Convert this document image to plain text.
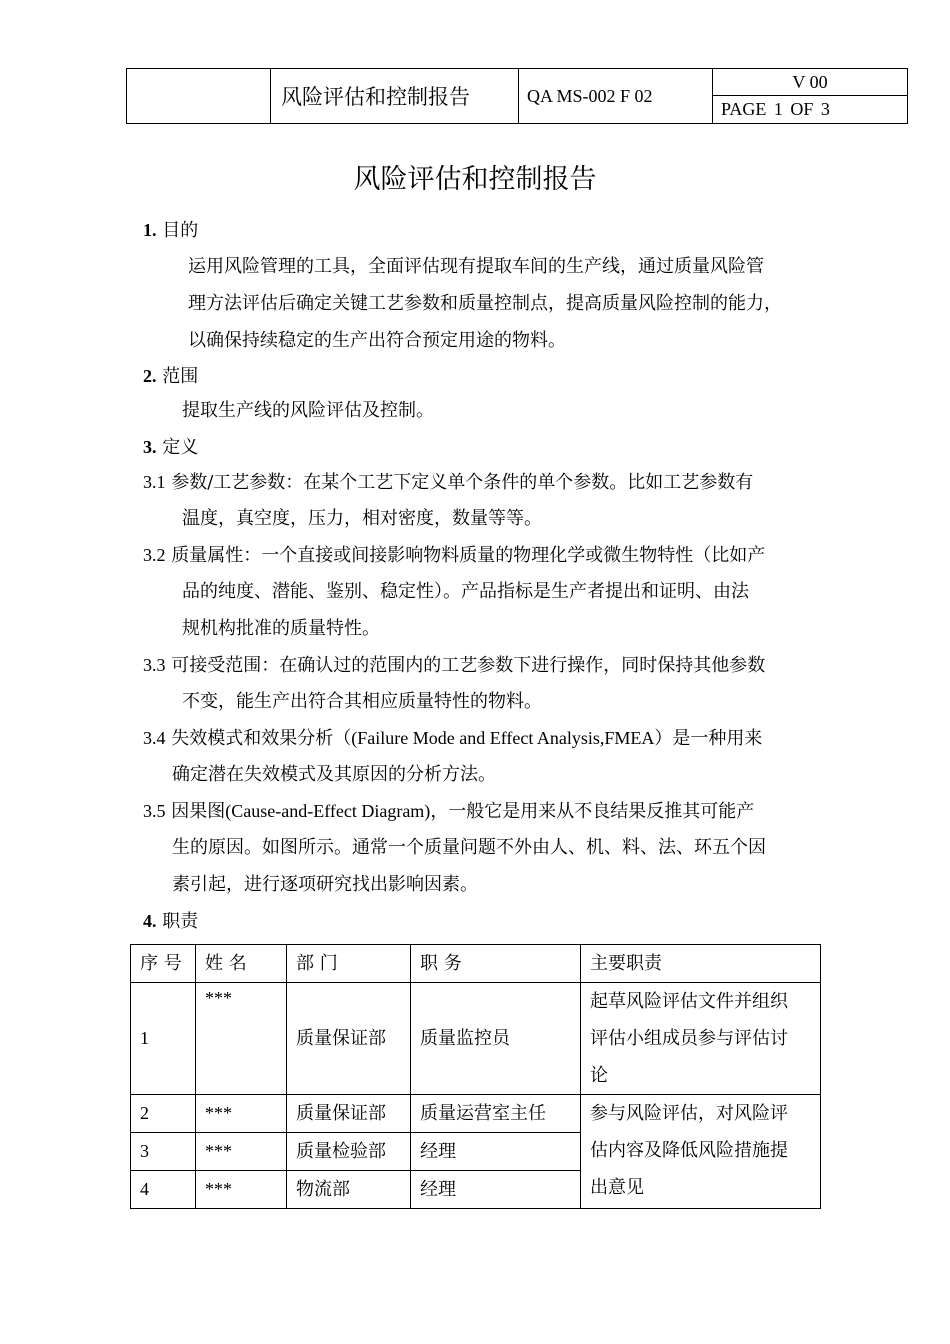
	风险评估和控制报告	QA MS-002 F 02	V 00
PAGE 1 OF 3
风险评估和控制报告
1. 目的
运用风险管理的工具，全面评估现有提取车间的生产线，通过质量风险管
理方法评估后确定关键工艺参数和质量控制点，提高质量风险控制的能力，
以确保持续稳定的生产出符合预定用途的物料。
2. 范围
提取生产线的风险评估及控制。
3. 定义
3.1 参数/工艺参数：在某个工艺下定义单个条件的单个参数。比如工艺参数有
温度，真空度，压力，相对密度，数量等等。
3.2 质量属性：一个直接或间接影响物料质量的物理化学或微生物特性（比如产
品的纯度、潜能、鉴别、稳定性）。产品指标是生产者提出和证明、由法
规机构批准的质量特性。
3.3 可接受范围：在确认过的范围内的工艺参数下进行操作，同时保持其他参数
不变，能生产出符合其相应质量特性的物料。
3.4 失效模式和效果分析（(Failure Mode and Effect Analysis,FMEA）是一种用来
确定潜在失效模式及其原因的分析方法。
3.5 因果图(Cause-and-Effect Diagram)，一般它是用来从不良结果反推其可能产
生的原因。如图所示。通常一个质量问题不外由人、机、料、法、环五个因
素引起，进行逐项研究找出影响因素。
4. 职责
序 号	姓 名	部 门	职 务	主要职责
1	***	质量保证部	质量监控员	起草风险评估文件并组织
评估小组成员参与评估讨
论

2	***	质量保证部	质量运营室主任	参与风险评估，对风险评
估内容及降低风险措施提
出意见

3	***	质量检验部	经理	
4	***	物流部	经理	
